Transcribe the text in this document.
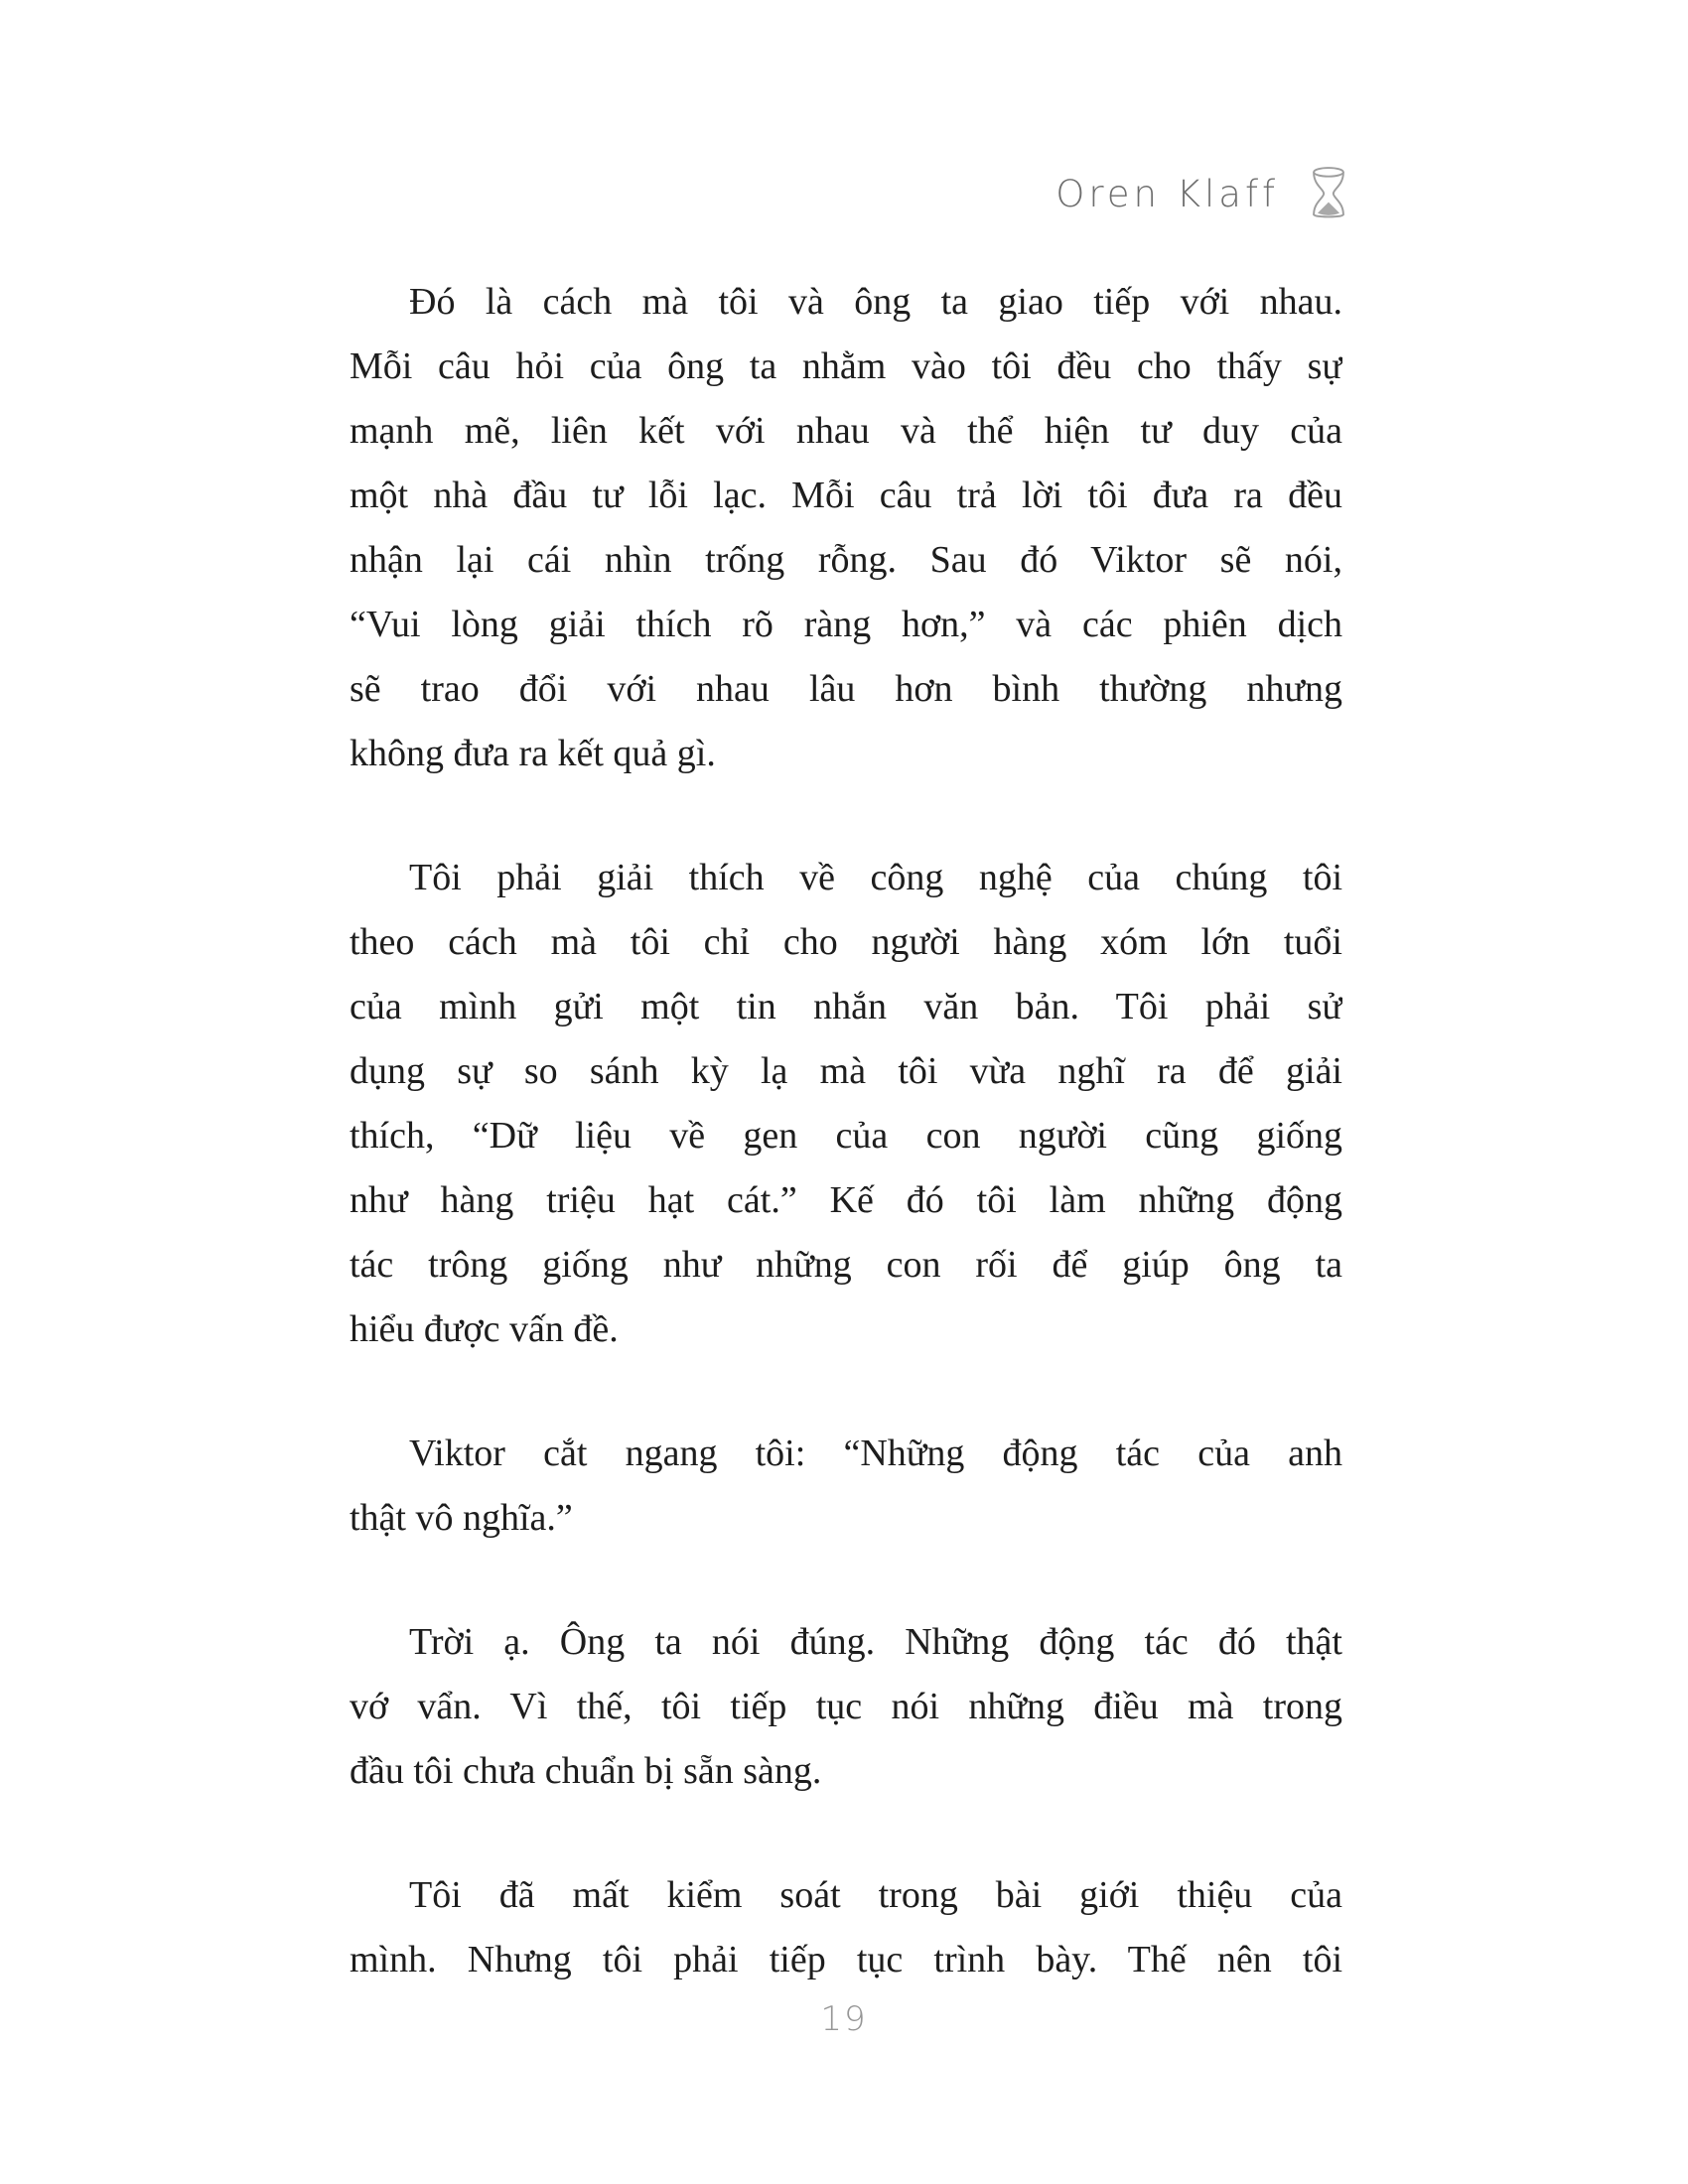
Oren Klaff
Đó là cách mà tôi và ông ta giao tiếp với nhau.
Mỗi câu hỏi của ông ta nhằm vào tôi đều cho thấy sự
mạnh mẽ, liên kết với nhau và thể hiện tư duy của
một nhà đầu tư lỗi lạc. Mỗi câu trả lời tôi đưa ra đều
nhận lại cái nhìn trống rỗng. Sau đó Viktor sẽ nói,
“Vui lòng giải thích rõ ràng hơn,” và các phiên dịch
sẽ trao đổi với nhau lâu hơn bình thường nhưng
không đưa ra kết quả gì.
Tôi phải giải thích về công nghệ của chúng tôi
theo cách mà tôi chỉ cho người hàng xóm lớn tuổi
của mình gửi một tin nhắn văn bản. Tôi phải sử
dụng sự so sánh kỳ lạ mà tôi vừa nghĩ ra để giải
thích, “Dữ liệu về gen của con người cũng giống
như hàng triệu hạt cát.” Kế đó tôi làm những động
tác trông giống như những con rối để giúp ông ta
hiểu được vấn đề.
Viktor cắt ngang tôi: “Những động tác của anh
thật vô nghĩa.”
Trời ạ. Ông ta nói đúng. Những động tác đó thật
vớ vẩn. Vì thế, tôi tiếp tục nói những điều mà trong
đầu tôi chưa chuẩn bị sẵn sàng.
Tôi đã mất kiểm soát trong bài giới thiệu của
mình. Nhưng tôi phải tiếp tục trình bày. Thế nên tôi
19
